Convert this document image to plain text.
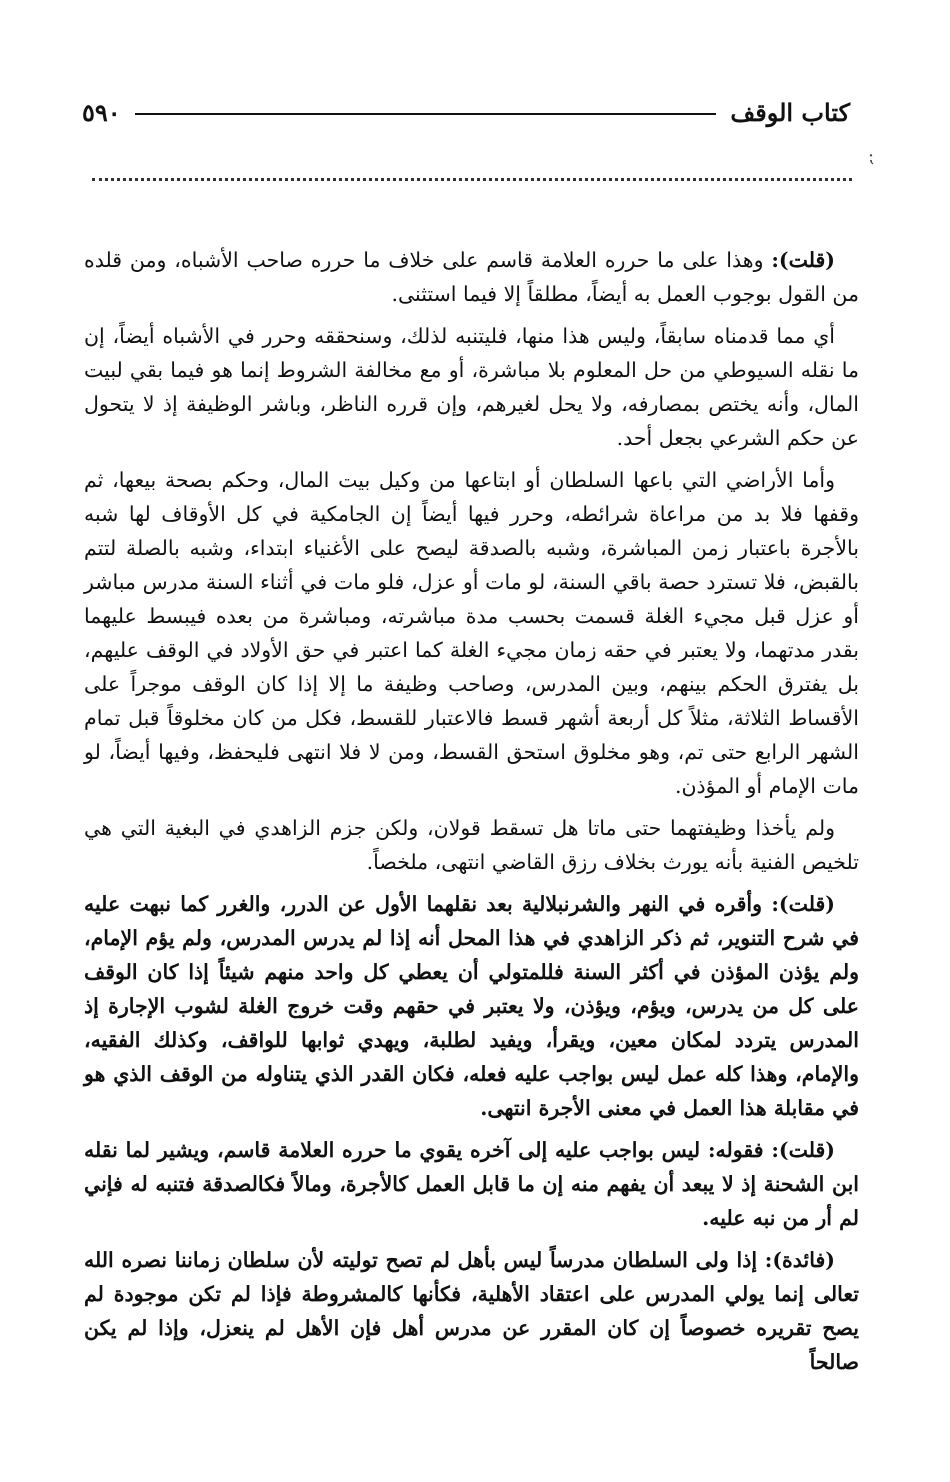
كتاب الوقف
٥٩٠
⁏

(قلت): وهذا على ما حرره العلامة قاسم على خلاف ما حرره صاحب الأشباه، ومن قلده من القول بوجوب العمل به أيضاً، مطلقاً إلا فيما استثنى.

أي مما قدمناه سابقاً، وليس هذا منها، فليتنبه لذلك، وسنحققه وحرر في الأشباه أيضاً، إن ما نقله السيوطي من حل المعلوم بلا مباشرة، أو مع مخالفة الشروط إنما هو فيما بقي لبيت المال، وأنه يختص بمصارفه، ولا يحل لغيرهم، وإن قرره الناظر، وباشر الوظيفة إذ لا يتحول عن حكم الشرعي بجعل أحد.

وأما الأراضي التي باعها السلطان أو ابتاعها من وكيل بيت المال، وحكم بصحة بيعها، ثم وقفها فلا بد من مراعاة شرائطه، وحرر فيها أيضاً إن الجامكية في كل الأوقاف لها شبه بالأجرة باعتبار زمن المباشرة، وشبه بالصدقة ليصح على الأغنياء ابتداء، وشبه بالصلة لتتم بالقبض، فلا تسترد حصة باقي السنة، لو مات أو عزل، فلو مات في أثناء السنة مدرس مباشر أو عزل قبل مجيء الغلة قسمت بحسب مدة مباشرته، ومباشرة من بعده فيبسط عليهما بقدر مدتهما، ولا يعتبر في حقه زمان مجيء الغلة كما اعتبر في حق الأولاد في الوقف عليهم، بل يفترق الحكم بينهم، وبين المدرس، وصاحب وظيفة ما إلا إذا كان الوقف موجراً على الأقساط الثلاثة، مثلاً كل أربعة أشهر قسط فالاعتبار للقسط، فكل من كان مخلوقاً قبل تمام الشهر الرابع حتى تم، وهو مخلوق استحق القسط، ومن لا فلا انتهى فليحفظ، وفيها أيضاً، لو مات الإمام أو المؤذن.

ولم يأخذا وظيفتهما حتى ماتا هل تسقط قولان، ولكن جزم الزاهدي في البغية التي هي تلخيص الفنية بأنه يورث بخلاف رزق القاضي انتهى، ملخصاً.

(قلت): وأقره في النهر والشرنبلالية بعد نقلهما الأول عن الدرر، والغرر كما نبهت عليه في شرح التنوير، ثم ذكر الزاهدي في هذا المحل أنه إذا لم يدرس المدرس، ولم يؤم الإمام، ولم يؤذن المؤذن في أكثر السنة فللمتولي أن يعطي كل واحد منهم شيئاً إذا كان الوقف على كل من يدرس، ويؤم، ويؤذن، ولا يعتبر في حقهم وقت خروج الغلة لشوب الإجارة إذ المدرس يتردد لمكان معين، ويقرأ، ويفيد لطلبة، ويهدي ثوابها للواقف، وكذلك الفقيه، والإمام، وهذا كله عمل ليس بواجب عليه فعله، فكان القدر الذي يتناوله من الوقف الذي هو في مقابلة هذا العمل في معنى الأجرة انتهى.

(قلت): فقوله: ليس بواجب عليه إلى آخره يقوي ما حرره العلامة قاسم، ويشير لما نقله ابن الشحنة إذ لا يبعد أن يفهم منه إن ما قابل العمل كالأجرة، ومالاً فكالصدقة فتنبه له فإني لم أر من نبه عليه.

(فائدة): إذا ولى السلطان مدرساً ليس بأهل لم تصح توليته لأن سلطان زماننا نصره الله تعالى إنما يولي المدرس على اعتقاد الأهلية، فكأنها كالمشروطة فإذا لم تكن موجودة لم يصح تقريره خصوصاً إن كان المقرر عن مدرس أهل فإن الأهل لم ينعزل، وإذا لم يكن صالحاً
